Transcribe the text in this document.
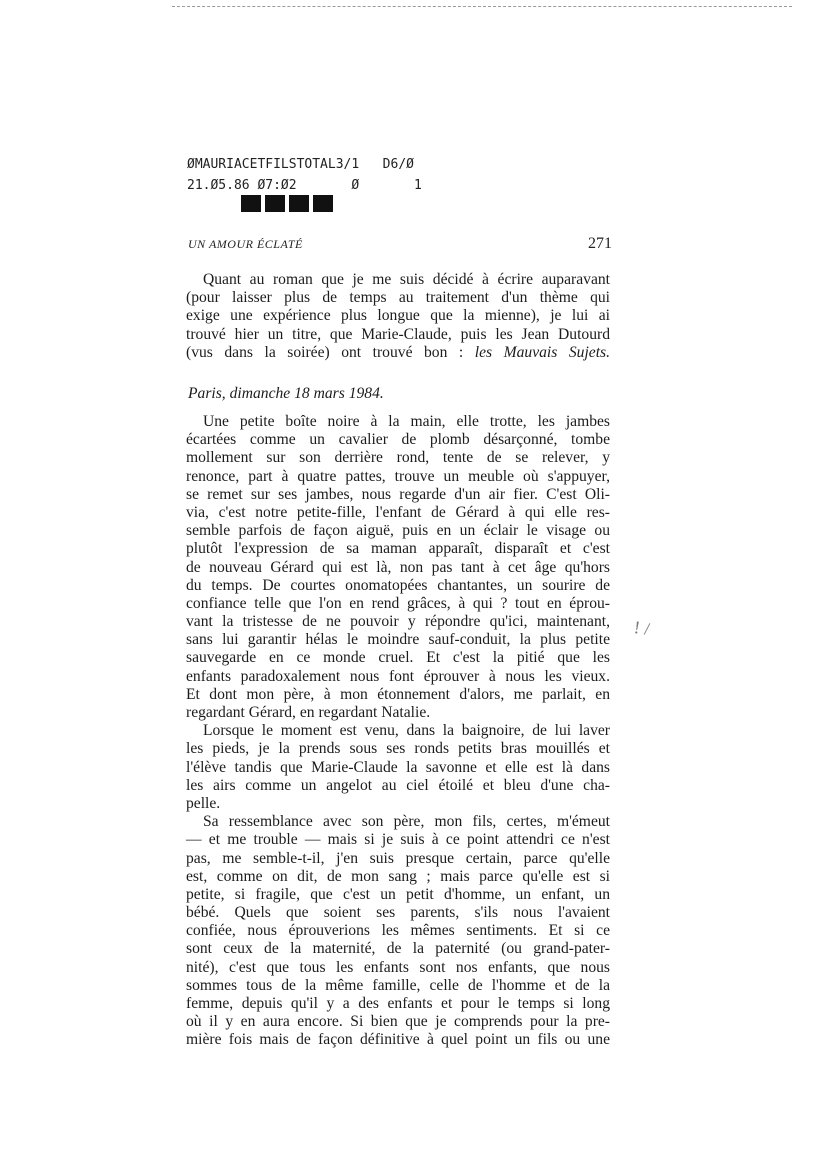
ØMAURIACETFILSTOTAL3/1   D6/Ø
21.Ø5.86 Ø7:Ø2       Ø       1
UN AMOUR ÉCLATÉ	271
Quant au roman que je me suis décidé à écrire auparavant
(pour laisser plus de temps au traitement d'un thème qui
exige une expérience plus longue que la mienne), je lui ai
trouvé hier un titre, que Marie-Claude, puis les Jean Dutourd
(vus dans la soirée) ont trouvé bon : les Mauvais Sujets.
Paris, dimanche 18 mars 1984.
Une petite boîte noire à la main, elle trotte, les jambes
écartées comme un cavalier de plomb désarçonné, tombe
mollement sur son derrière rond, tente de se relever, y
renonce, part à quatre pattes, trouve un meuble où s'appuyer,
se remet sur ses jambes, nous regarde d'un air fier. C'est Oli-
via, c'est notre petite-fille, l'enfant de Gérard à qui elle res-
semble parfois de façon aiguë, puis en un éclair le visage ou
plutôt l'expression de sa maman apparaît, disparaît et c'est
de nouveau Gérard qui est là, non pas tant à cet âge qu'hors
du temps. De courtes onomatopées chantantes, un sourire de
confiance telle que l'on en rend grâces, à qui ? tout en éprou-
vant la tristesse de ne pouvoir y répondre qu'ici, maintenant,
sans lui garantir hélas le moindre sauf-conduit, la plus petite
sauvegarde en ce monde cruel. Et c'est la pitié que les
enfants paradoxalement nous font éprouver à nous les vieux.
Et dont mon père, à mon étonnement d'alors, me parlait, en
regardant Gérard, en regardant Natalie.
Lorsque le moment est venu, dans la baignoire, de lui laver
les pieds, je la prends sous ses ronds petits bras mouillés et
l'élève tandis que Marie-Claude la savonne et elle est là dans
les airs comme un angelot au ciel étoilé et bleu d'une cha-
pelle.
Sa ressemblance avec son père, mon fils, certes, m'émeut
— et me trouble — mais si je suis à ce point attendri ce n'est
pas, me semble-t-il, j'en suis presque certain, parce qu'elle
est, comme on dit, de mon sang ; mais parce qu'elle est si
petite, si fragile, que c'est un petit d'homme, un enfant, un
bébé. Quels que soient ses parents, s'ils nous l'avaient
confiée, nous éprouverions les mêmes sentiments. Et si ce
sont ceux de la maternité, de la paternité (ou grand-pater-
nité), c'est que tous les enfants sont nos enfants, que nous
sommes tous de la même famille, celle de l'homme et de la
femme, depuis qu'il y a des enfants et pour le temps si long
où il y en aura encore. Si bien que je comprends pour la pre-
mière fois mais de façon définitive à quel point un fils ou une
! /
